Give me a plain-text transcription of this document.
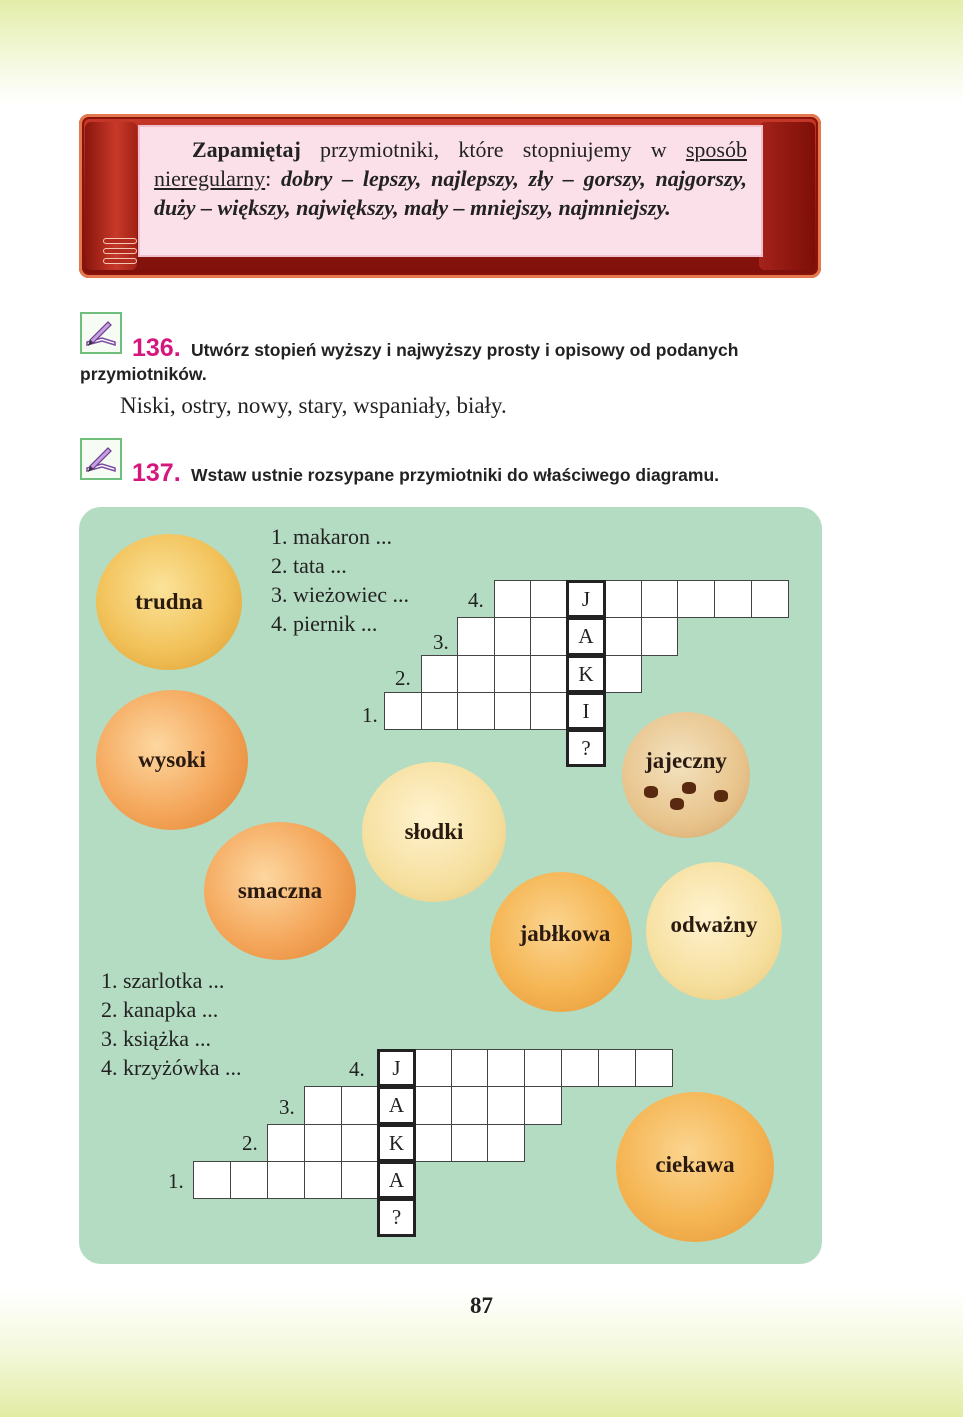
Zapamiętaj przymiotniki, które stopniujemy w sposób nieregularny: dobry – lepszy, najlepszy, zły – gorszy, najgorszy, duży – większy, największy, mały – mniejszy, najmniejszy.
136. Utwórz stopień wyższy i najwyższy prosty i opisowy od podanych
przymiotników.
Niski, ostry, nowy, stary, wspaniały, biały.
137. Wstaw ustnie rozsypane przymiotniki do właściwego diagramu.
1. makaron ...
2. tata ...
3. wieżowiec ...
4. piernik ...
4.
3.
2.
1.
J
A
K
I
?
trudna
wysoki
smaczna
słodki
jajeczny
jabłkowa	odważny
ciekawa
1. szarlotka ...
2. kanapka ...
3. książka ...
4. krzyżówka ...	4.
3.
2.
1.
J
A
K
A
?
87
